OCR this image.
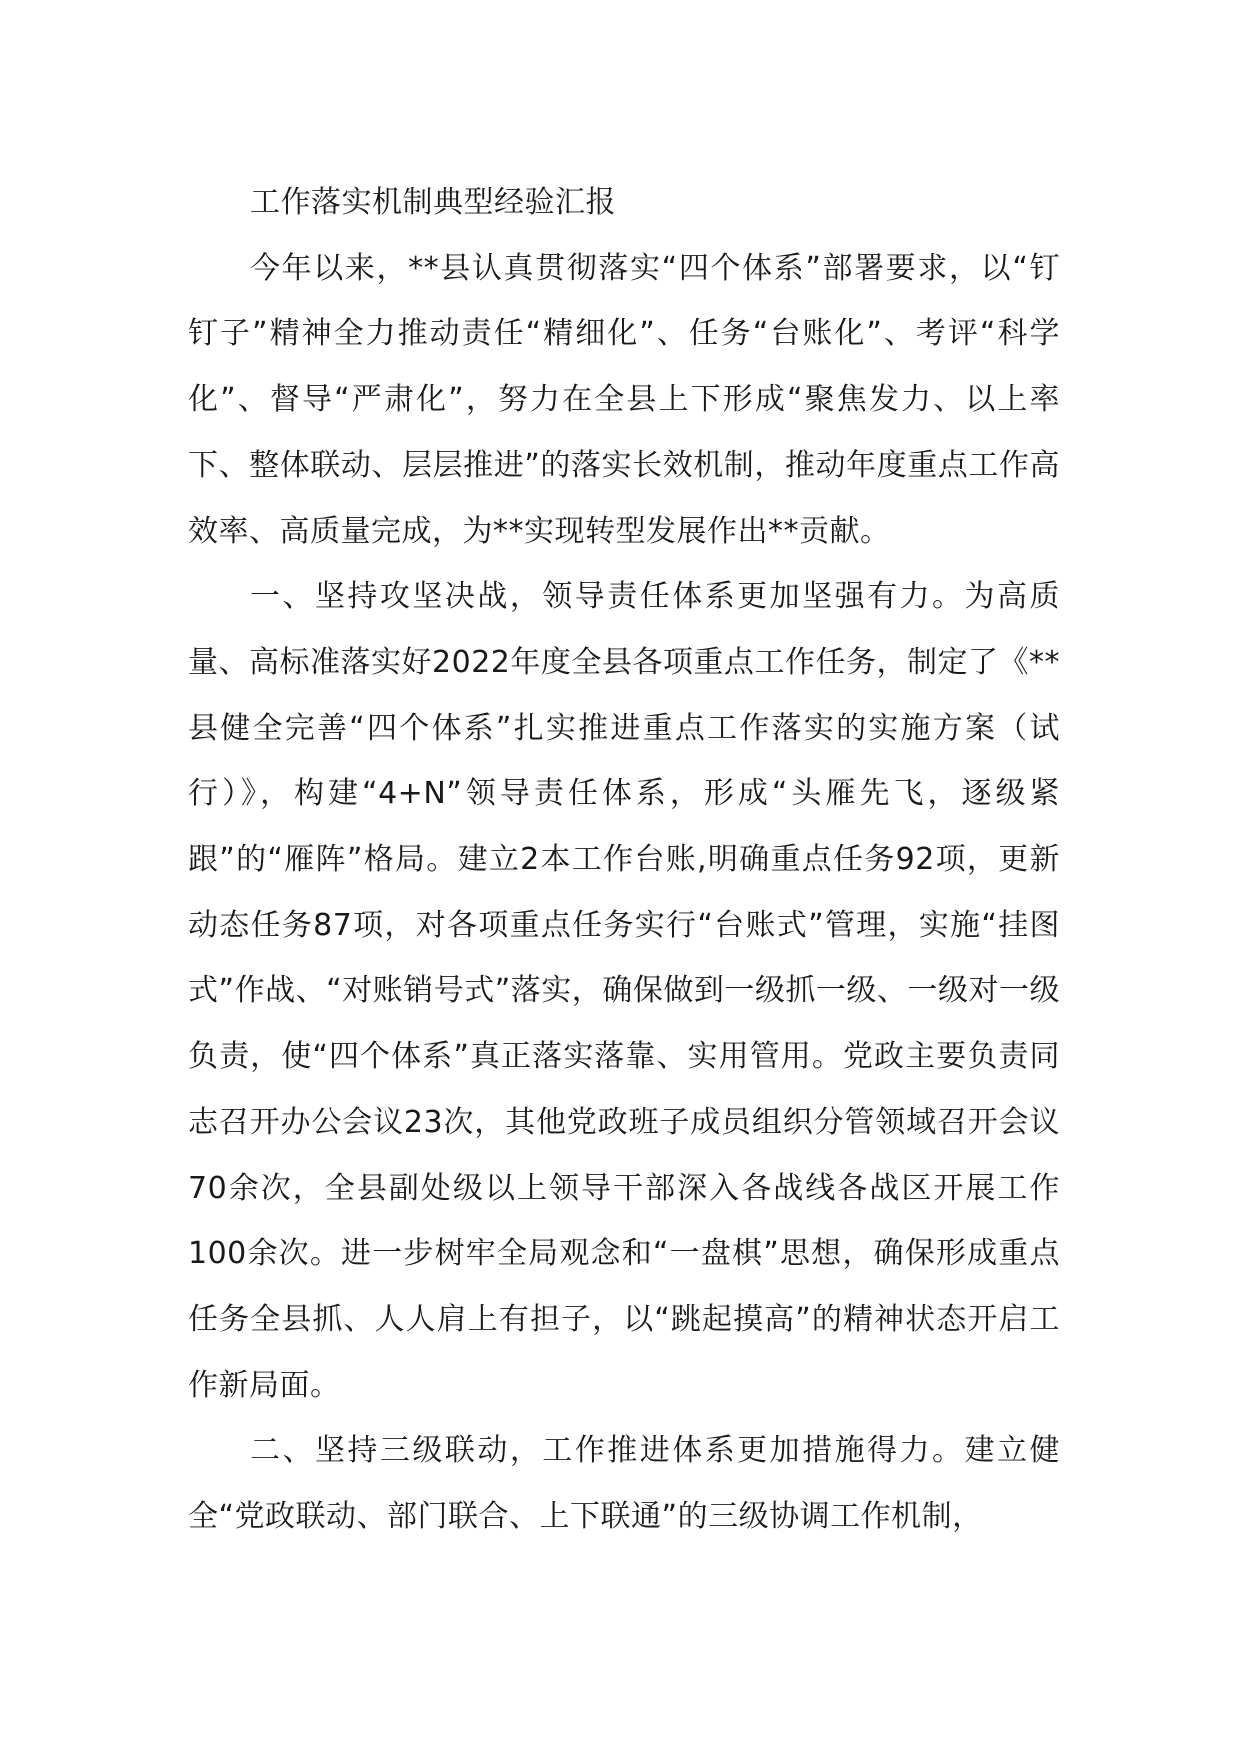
工作落实机制典型经验汇报

今年以来，**县认真贯彻落实“四个体系”部署要求，以“钉钉子”精神全力推动责任“精细化”、任务“台账化”、考评“科学化”、督导“严肃化”，努力在全县上下形成“聚焦发力、以上率下、整体联动、层层推进”的落实长效机制，推动年度重点工作高效率、高质量完成，为**实现转型发展作出**贡献。

一、坚持攻坚决战，领导责任体系更加坚强有力。为高质量、高标准落实好2022年度全县各项重点工作任务，制定了《**县健全完善“四个体系”扎实推进重点工作落实的实施方案（试行）》，构建“4+N”领导责任体系，形成“头雁先飞，逐级紧跟”的“雁阵”格局。建立2本工作台账,明确重点任务92项，更新动态任务87项，对各项重点任务实行“台账式”管理，实施“挂图式”作战、“对账销号式”落实，确保做到一级抓一级、一级对一级负责，使“四个体系”真正落实落靠、实用管用。党政主要负责同志召开办公会议23次，其他党政班子成员组织分管领域召开会议70余次，全县副处级以上领导干部深入各战线各战区开展工作100余次。进一步树牢全局观念和“一盘棋”思想，确保形成重点任务全县抓、人人肩上有担子，以“跳起摸高”的精神状态开启工作新局面。

二、坚持三级联动，工作推进体系更加措施得力。建立健全“党政联动、部门联合、上下联通”的三级协调工作机制，
